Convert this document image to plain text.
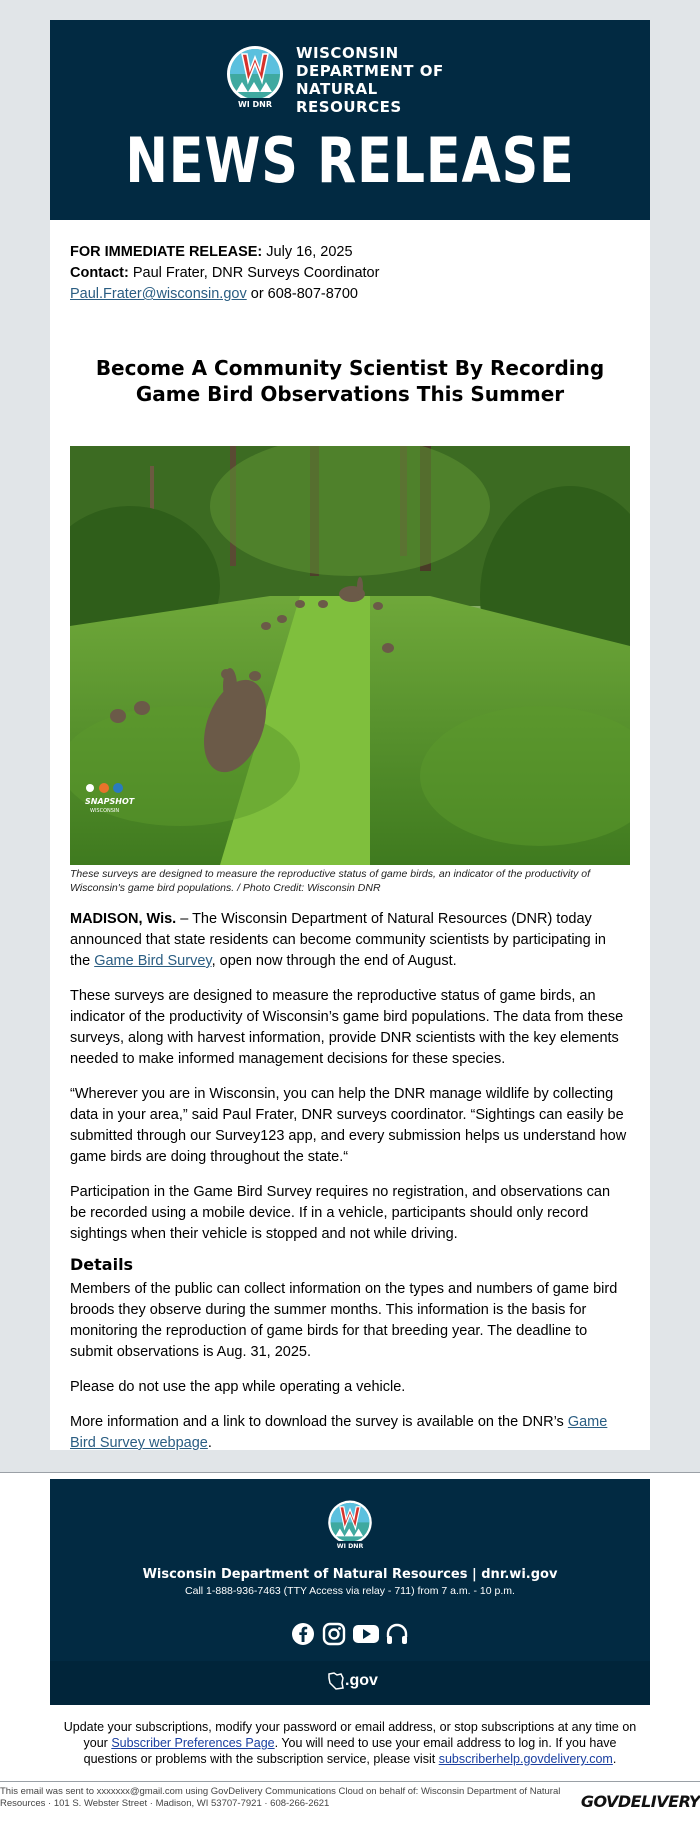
WI DNR
WISCONSIN
DEPARTMENT OF
NATURAL RESOURCES
NEWS RELEASE
FOR IMMEDIATE RELEASE: July 16, 2025
Contact: Paul Frater, DNR Surveys Coordinator
Paul.Frater@wisconsin.gov or 608-807-8700
Become A Community Scientist By Recording Game Bird Observations This Summer
SNAPSHOT
WISCONSIN
These surveys are designed to measure the reproductive status of game birds, an indicator of the productivity of Wisconsin's game bird populations. / Photo Credit: Wisconsin DNR
MADISON, Wis. – The Wisconsin Department of Natural Resources (DNR) today announced that state residents can become community scientists by participating in the Game Bird Survey, open now through the end of August.
These surveys are designed to measure the reproductive status of game birds, an indicator of the productivity of Wisconsin’s game bird populations. The data from these surveys, along with harvest information, provide DNR scientists with the key elements needed to make informed management decisions for these species.
“Wherever you are in Wisconsin, you can help the DNR manage wildlife by collecting data in your area,” said Paul Frater, DNR surveys coordinator. “Sightings can easily be submitted through our Survey123 app, and every submission helps us understand how game birds are doing throughout the state.“
Participation in the Game Bird Survey requires no registration, and observations can be recorded using a mobile device. If in a vehicle, participants should only record sightings when their vehicle is stopped and not while driving.
Details
Members of the public can collect information on the types and numbers of game bird broods they observe during the summer months. This information is the basis for monitoring the reproduction of game birds for that breeding year. The deadline to submit observations is Aug. 31, 2025.
Please do not use the app while operating a vehicle.
More information and a link to download the survey is available on the DNR’s Game Bird Survey webpage.
WI DNR
Wisconsin Department of Natural Resources | dnr.wi.gov
Call 1-888-936-7463 (TTY Access via relay - 711) from 7 a.m. - 10 p.m.
.gov
Update your subscriptions, modify your password or email address, or stop subscriptions at any time on your Subscriber Preferences Page. You will need to use your email address to log in. If you have questions or problems with the subscription service, please visit subscriberhelp.govdelivery.com.
This email was sent to xxxxxxx@gmail.com using GovDelivery Communications Cloud on behalf of: Wisconsin Department of Natural Resources · 101 S. Webster Street · Madison, WI 53707-7921 · 608-266-2621	GOVDELIVERY
